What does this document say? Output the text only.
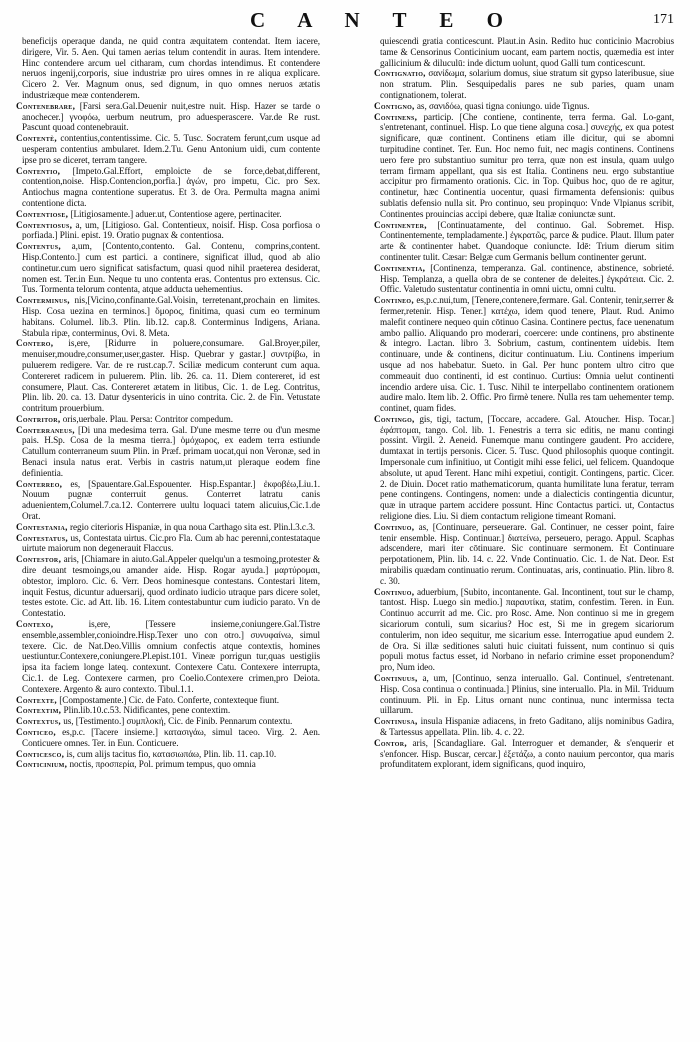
C A N T E O	171

beneficijs operaque danda, ne quid contra æquitatem contendat. Item iacere, dirigere, Vir. 5. Aen. Qui tamen aerias telum contendit in auras. Item intendere. Hinc contendere arcum uel citharam, cum chordas intendimus. Et contendere neruos ingenij,corporis, siue industriæ pro uires omnes in re aliqua explicare. Cicero 2. Ver. Magnum onus, sed dignum, in quo omnes neruos ætatis industriæque meæ contenderem.

Contenebrare, [Farsi sera.Gal.Deuenir nuit,estre nuit. Hisp. Hazer se tarde o anochecer.] γνοφόω, uerbum neutrum, pro aduesperascere. Var.de Re rust. Pascunt quoad contenebrauit.

Contentè, contentius,contentissime. Cic. 5. Tusc. Socratem ferunt,cum usque ad uesperam contentius ambularet. Idem.2.Tu. Genu Antonium uidi, cum contente ipse pro se diceret, terram tangere.

Contentio, [Impeto.Gal.Effort, emploicte de se force,debat,different, contention,noise. Hisp.Contencion,porfia.] ἀγών, pro impetu, Cic. pro Sex. Antiochus magna contentione superatus. Et 3. de Ora. Permulta magna animi contentione dicta.

Contentiose, [Litigiosamente.] aduer.ut, Contentiose agere, pertinaciter.

Contentiosus, a, um, [Litigioso. Gal. Contentieux, noisif. Hisp. Cosa porfiosa o porfiada.] Plini. epist. 19. Oratio pugnax & contentiosa.

Contentus, a,um, [Contento,contento. Gal. Contenu, comprins,content. Hisp.Contento.] cum est partici. a continere, significat illud, quod ab alio continetur.cum uero significat satisfactum, quasi quod nihil praeterea desiderat, nomen est. Ter.in Eun. Neque tu uno contenta eras. Contentus pro extensus. Cic. Tus. Tormenta telorum contenta, atque adducta uehementius.

Conterminus, nis,[Vicino,confinante.Gal.Voisin, terretenant,prochain en limites. Hisp. Cosa uezina en terminos.] ὅμορος, finitima, quasi cum eo terminum habitans. Columel. lib.3. Plin. lib.12. cap.8. Conterminus Indigens, Ariana. Stabula ripæ, conterminus, Ovi. 8. Meta.

Contero, is,ere, [Ridurre in poluere,consumare. Gal.Broyer,piler, menuiser,moudre,consumer,user,gaster. Hisp. Quebrar y gastar.] συντρίβω, in puluerem redigere. Var. de re rust.cap.7. Sciliæ medicum conterunt cum aqua. Contereret radicem in puluerem. Plin. lib. 26. ca. 11. Diem contereret, id est consumere, Plaut. Cas. Contereret ætatem in litibus, Cic. 1. de Leg. Contritus, Plin. lib. 20. ca. 13. Datur dysentericis in uino contrita. Cic. 2. de Fin. Vetustate contritum prouerbium.

Contritor, oris,uerbale. Plau. Persa: Contritor compedum.

Conterraneus, [Di una medesima terra. Gal. D'une mesme terre ou d'un mesme pais. H.Sp. Cosa de la mesma tierra.] ὁμόχωρος, ex eadem terra estiunde Catullum conterraneum suum Plin. in Præf. primam uocat,qui non Veronæ, sed in Benaci insula natus erat. Verbis in castris natum,ut pleraque eodem fine definientia.

Conterreo, es, [Spauentare.Gal.Espouenter. Hisp.Espantar.] ἐκφοβέω,Liu.1. Nouum pugnæ conterruit genus. Conterret latratu canis aduenientem,Columel.7.ca.12. Conterrere uultu loquaci tatem alicuius,Cic.1.de Orat.

Contestania, regio citerioris Hispaniæ, in qua noua Carthago sita est. Plin.l.3.c.3.

Contestatus, us, Contestata uirtus. Cic.pro Fla. Cum ab hac perenni,contestataque uirtute maiorum non degenerauit Flaccus.

Contestor, aris, [Chiamare in aiuto.Gal.Appeler quelqu'un a tesmoing,protester & dire deuant tesmoings,ou amander aide. Hisp. Rogar ayuda.] μαρτύρομαι, obtestor, imploro. Cic. 6. Verr. Deos hominesque contestans. Contestari litem, inquit Festus, dicuntur aduersarij, quod ordinato iudicio utraque pars dicere solet, testes estote. Cic. ad Att. lib. 16. Litem contestabuntur cum iudicio parato. Vn de Contestatio.

Contexo,	is,ere, [Tessere insieme,coniungere.Gal.Tistre ensemble,assembler,conioindre.Hisp.Texer uno con otro.] συνυφαίνω, simul texere. Cic. de Nat.Deo.Villis omnium confectis atque contextis, homines uestiuntur.Contexere,coniungere.Pl.epist.101. Vineæ porrigun tur,quas uestigiis ipsa ita faciem longe lateq. contexunt. Contexere Catu. Contexere interrupta, Cic.1. de Leg. Contexere carmen, pro Coelio.Contexere crimen,pro Deiota. Contexere. Argento & auro contexto. Tibul.1.1.

Contexte, [Compostamente.] Cic. de Fato. Conferte, contexteque fiunt.

Contextim, Plin.lib.10.c.53. Nidificantes, pene contextim.

Contextus, us, [Testimento.] συμπλοκή, Cic. de Finib. Pennarum contextu.

Conticeo, es,p.c. [Tacere insieme.] κατασιγάω, simul taceo. Virg. 2. Aen. Conticuere omnes. Ter. in Eun. Conticuere.

Conticesco, is, cum alijs tacitus fio, κατασιωπάω, Plin. lib. 11. cap.10.

Conticinium, noctis, προσπερία, Pol. primum tempus, quo omnia

quiescendi gratia conticescunt. Plaut.in Asin. Redito huc conticinio Macrobius tame & Censorinus Conticinium uocant, eam partem noctis, quæmedia est inter gallicinium & diluculū: inde dictum uolunt, quod Galli tum conticescunt.

Contignatio, σανίδωμα, solarium domus, siue stratum sit gypso lateribusue, siue non stratum. Plin. Sesquipedalis pares ne sub paries, quam unam contignationem, tolerat.

Contigno, as, σανιδόω, quasi tigna coniungo. uide Tignus.

Continens, particip. [Che contiene, continente, terra ferma. Gal. Lo-gant, s'entretenant, continuel. Hisp. Lo que tiene alguna cosa.] συνεχής, ex qua potest significare, quæ continent. Continens etiam ille dicitur, qui se abomni turpitudine continet. Ter. Eun. Hoc nemo fuit, nec magis continens. Continens uero fere pro substantiuo sumitur pro terra, quæ non est insula, quam uulgo terram firmam appellant, qua sis est Italia. Continens neu. ergo substantiue accipitur pro firmamento orationis. Cic. in Top. Quibus hoc, quo de re agitur, continetur, hæc Continentia uocentur, quasi firmamenta defensionis: quibus sublatis defensio nulla sit. Pro continuo, seu propinquo: Vnde Vlpianus scribit, Continentes prouincias accipi debere, quæ Italiæ coniunctæ sunt.

Continenter, [Continuatamente, del continuo. Gal. Sobremet. Hisp. Continentemente, templadamente.] ἐγκρατῶς, parce & pudice. Plaut. Illum pater arte & continenter habet. Quandoque coniuncte. Idē: Trium dierum sitim continenter tulit. Cæsar: Belgæ cum Germanis bellum continenter gerunt.

Continentia, [Continenza, temperanza. Gal. continence, abstinence, sobrieté. Hisp. Templanza, a quella obra de se contener de deleites.] ἐγκράτεια. Cic. 2. Offic. Valetudo sustentatur continentia in omni uictu, omni cultu.

Contineo, es,p.c.nui,tum, [Tenere,contenere,fermare. Gal. Contenir, tenir,serrer & fermer,retenir. Hisp. Tener.] κατέχω, idem quod tenere, Plaut. Rud. Animo malefit continere nequeo quin cōtinuo Casina. Continere pectus, face uenenatum ambo pallio. Aliquando pro moderari, coercere: unde continens, pro abstinente & integro. Lactan. libro 3. Sobrium, castum, continentem uidebis. Item continuare, unde & continens, dicitur continuatum. Liu. Continens imperium usque ad nos habebatur. Sueto. in Gal. Per hunc pontem ultro citro que commeauit duo continenti, id est continuo. Curtius: Omnia uelut continenti incendio ardere uisa. Cic. 1. Tusc. Nihil te interpellabo continentem orationem audire malo. Item lib. 2. Offic. Pro firmè tenere. Nulla res tam uehementer temp. continet, quam fides.

Contingo, gis, tigi, tactum, [Toccare, accadere. Gal. Atoucher. Hisp. Tocar.] ἐφάπτομαι, tango. Col. lib. 1. Fenestris a terra sic editis, ne manu contingi possint. Virgil. 2. Aeneid. Funemque manu contingere gaudent. Pro accidere, dumtaxat in tertijs personis. Cicer. 5. Tusc. Quod philosophis quoque contingit. Impersonale cum infinitiuo, ut Contigit mihi esse felici, uel felicem. Quandoque absolute, ut apud Terent. Hanc mihi expetiui, contigit. Contingens, partic. Cicer. 2. de Diuin. Docet ratio mathematicorum, quanta humilitate luna feratur, terram pene contingens. Contingens, nomen: unde a dialecticis contingentia dicuntur, quæ in utraque partem accidere possunt. Hinc Contactus partici. ut, Contactus religione dies. Liu. Si diem contactum religione timeant Romani.

Continuo, as, [Continuare, perseuerare. Gal. Continuer, ne cesser point, faire tenir ensemble. Hisp. Continuar.] διατείνω, perseuero, perago. Appul. Scaphas adscendere, mari iter cōtinuare. Sic continuare sermonem. Et Continuare perpotationem, Plin. lib. 14. c. 22. Vnde Continuatio. Cic. 1. de Nat. Deor. Est mirabilis quædam continuatio rerum. Continuatas, aris, continuatio. Plin. libro 8. c. 30.

Continuo, aduerbium, [Subito, incontanente. Gal. Incontinent, tout sur le champ, tantost. Hisp. Luego sin medio.] παραυτίκα, statim, confestim. Teren. in Eun. Continuo accurrit ad me. Cic. pro Rosc. Ame. Non continuo si me in gregem sicariorum contuli, sum sicarius? Hoc est, Si me in gregem sicariorum contulerim, non ideo sequitur, me sicarium esse. Interrogatiue apud eundem 2. de Ora. Si illæ seditiones saluti huic ciuitati fuissent, num continuo si quis populi motus factus esset, id Norbano in nefario crimine esset proponendum? pro, Num ideo.

Continuus, a, um, [Continuo, senza interuallo. Gal. Continuel, s'entretenant. Hisp. Cosa continua o continuada.] Plinius, sine interuallo. Pla. in Mil. Triduum continuum. Pli. in Ep. Litus ornant nunc continua, nunc intermissa tecta uillarum.

Continusa, insula Hispaniæ adiacens, in freto Gaditano, alijs nominibus Gadira, & Tartessus appellata. Plin. lib. 4. c. 22.

Contor, aris, [Scandagliare. Gal. Interroguer et demander, & s'enquerir et s'enfoncer. Hisp. Buscar, cercar.] ἐξετάζω, a conto nauium percontor, qua maris profunditatem explorant, idem significans, quod inquiro,
